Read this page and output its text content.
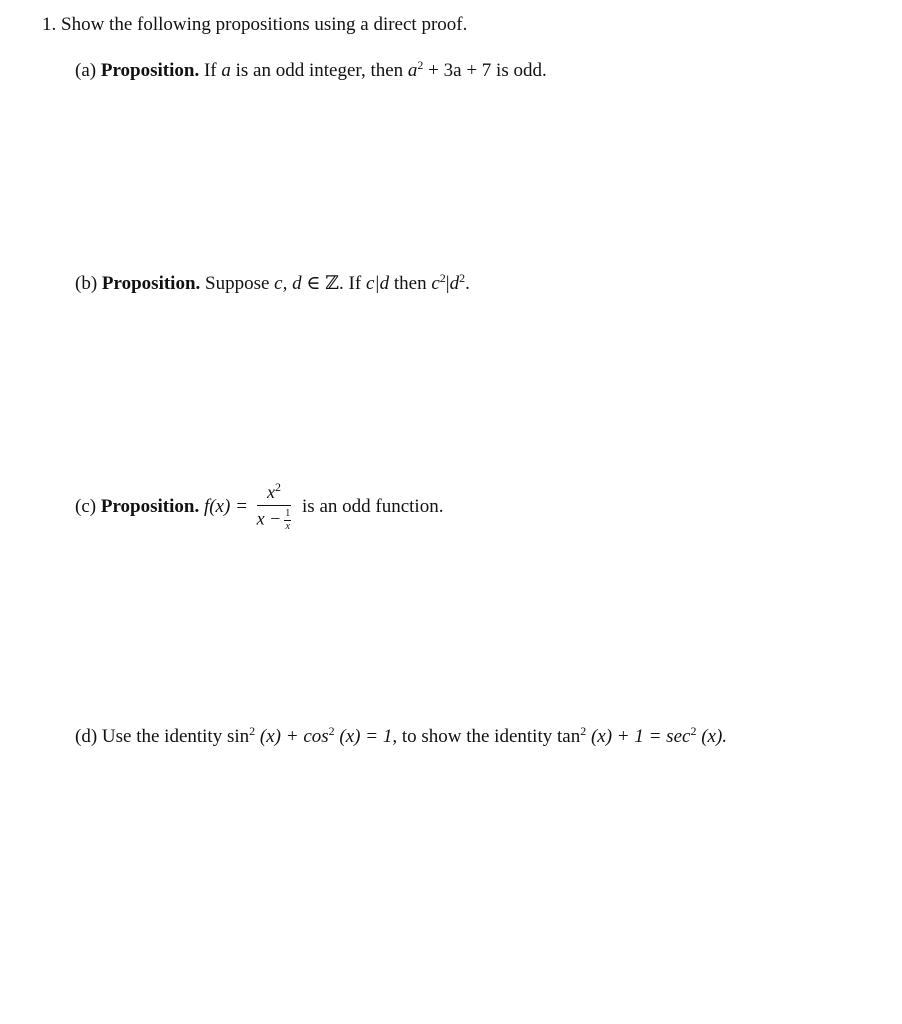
1. Show the following propositions using a direct proof.
(a) Proposition. If a is an odd integer, then $a^2 + 3a + 7$ is odd.
(b) Proposition. Suppose c, d ∈ ℤ. If c|d then $c^2|d^2$.
(c) Proposition. $f(x) = \frac{x^2}{x - \frac{1}{x}}$ is an odd function.
(d) Use the identity $\sin^2 (x) + \cos^2 (x) = 1$, to show the identity $\tan^2 (x) + 1 = \sec^2 (x)$.
